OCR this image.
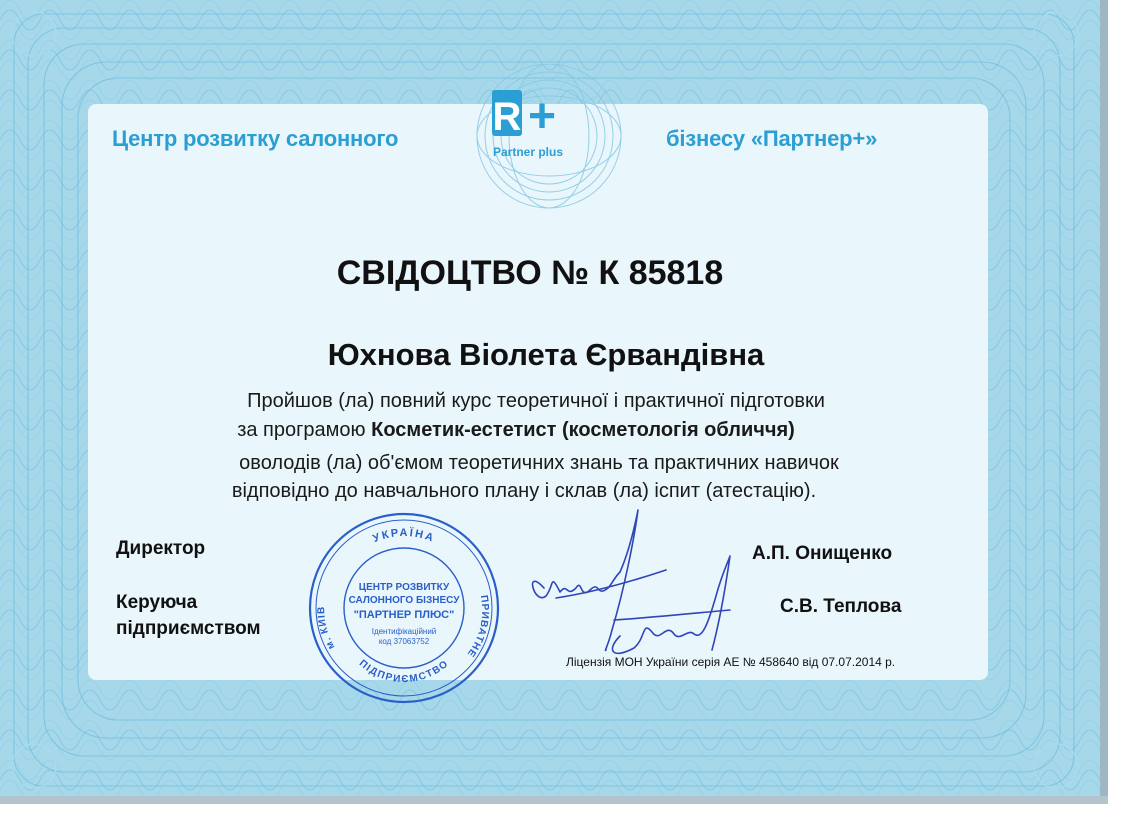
R +
Partner plus

Центр розвитку салонного	бізнесу «Партнер+»

СВІДОЦТВО № К 85818

Юхнова Віолета Єрвандівна

Пройшов (ла) повний курс теоретичної і практичної підготовки

за програмою Косметик-естетист (косметологія обличчя)

оволодів (ла) об'ємом теоретичних знань та практичних навичок

відповідно до навчального плану і склав (ла) іспит (атестацію).

Директор

Керуюча
підприємством

А.П. Онищенко

С.В. Теплова

УКРАЇНА
м. КИЇВ
ПРИВАТНЕ
ПІДПРИЄМСТВО
ЦЕНТР РОЗВИТКУ
САЛОННОГО БІЗНЕСУ
"ПАРТНЕР ПЛЮС"
Ідентифікаційний
код 37063752

Ліцензія МОН України серія АЕ № 458640 від 07.07.2014 р.
